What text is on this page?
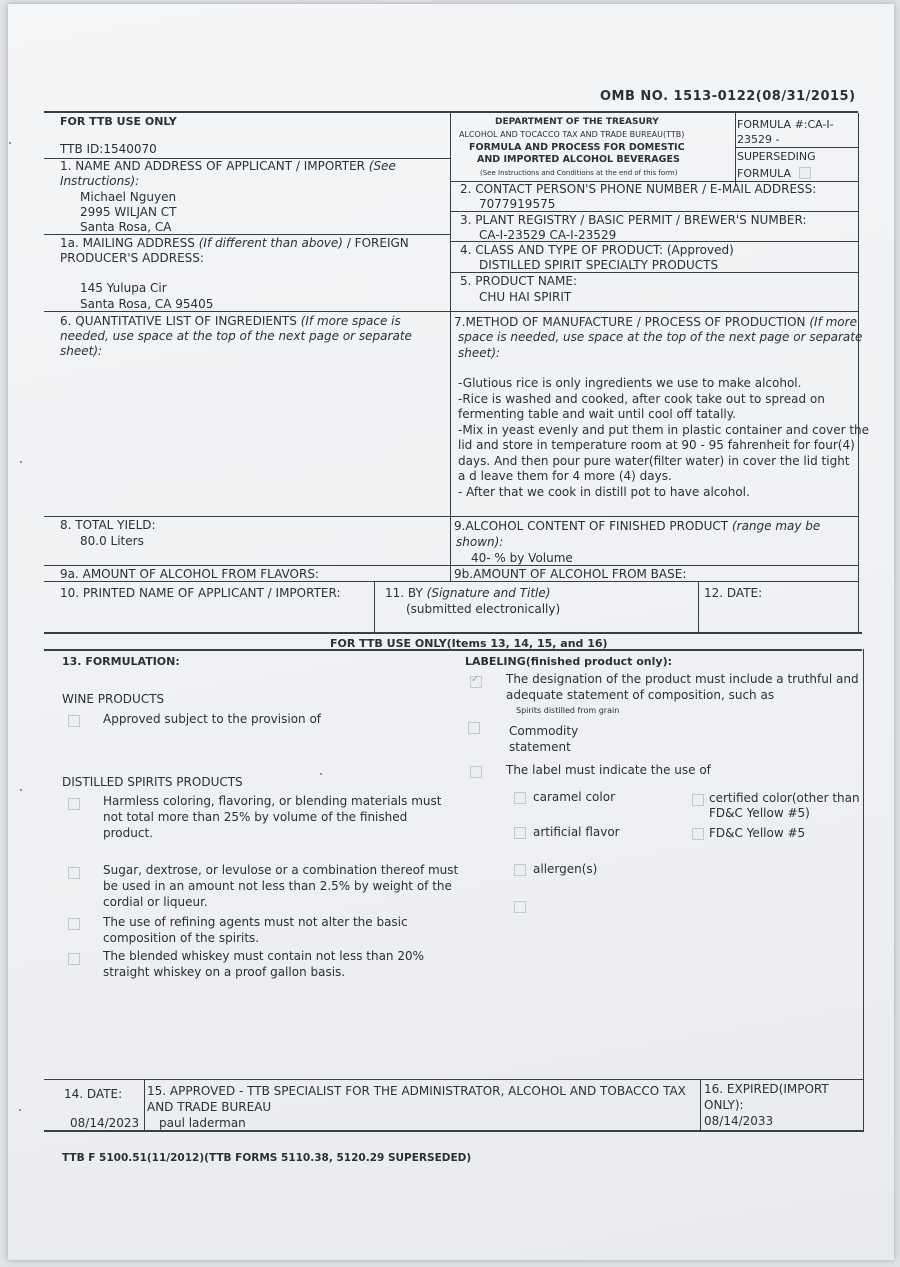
OMB NO. 1513-0122(08/31/2015)
FOR TTB USE ONLY
TTB ID:1540070
1. NAME AND ADDRESS OF APPLICANT / IMPORTER (See
Instructions):
Michael Nguyen
2995 WILJAN CT
Santa Rosa, CA
1a. MAILING ADDRESS (If different than above) / FOREIGN
PRODUCER'S ADDRESS:
145 Yulupa Cir
Santa Rosa, CA 95405
DEPARTMENT OF THE TREASURY
ALCOHOL AND TOCACCO TAX AND TRADE BUREAU(TTB)
FORMULA AND PROCESS FOR DOMESTIC
AND IMPORTED ALCOHOL BEVERAGES
(See Instructions and Conditions at the end of this form)
FORMULA #:CA-I-
23529 -
SUPERSEDING
FORMULA
2. CONTACT PERSON'S PHONE NUMBER / E-MAIL ADDRESS:
7077919575
3. PLANT REGISTRY / BASIC PERMIT / BREWER'S NUMBER:
CA-I-23529 CA-I-23529
4. CLASS AND TYPE OF PRODUCT: (Approved)
DISTILLED SPIRIT SPECIALTY PRODUCTS
5. PRODUCT NAME:
CHU HAI SPIRIT
6. QUANTITATIVE LIST OF INGREDIENTS (If more space is
needed, use space at the top of the next page or separate
sheet):
7.METHOD OF MANUFACTURE / PROCESS OF PRODUCTION (If more
space is needed, use space at the top of the next page or separate
sheet):
-Glutious rice is only ingredients we use to make alcohol.
-Rice is washed and cooked, after cook take out to spread on
fermenting table and wait until cool off tatally.
-Mix in yeast evenly and put them in plastic container and cover the
lid and store in temperature room at 90 - 95 fahrenheit for four(4)
days. And then pour pure water(filter water) in cover the lid tight
a d leave them for 4 more (4) days.
- After that we cook in distill pot to have alcohol.
8. TOTAL YIELD:
80.0 Liters
9.ALCOHOL CONTENT OF FINISHED PRODUCT (range may be
shown):
40- % by Volume
9a. AMOUNT OF ALCOHOL FROM FLAVORS:	9b.AMOUNT OF ALCOHOL FROM BASE:
10. PRINTED NAME OF APPLICANT / IMPORTER:	11. BY (Signature and Title)
(submitted electronically)
12. DATE:
FOR TTB USE ONLY(Items 13, 14, 15, and 16)
13. FORMULATION:
WINE PRODUCTS
Approved subject to the provision of
DISTILLED SPIRITS PRODUCTS
Harmless coloring, flavoring, or blending materials must
not total more than 25% by volume of the finished
product.
Sugar, dextrose, or levulose or a combination thereof must
be used in an amount not less than 2.5% by weight of the
cordial or liqueur.
The use of refining agents must not alter the basic
composition of the spirits.
The blended whiskey must contain not less than 20%
straight whiskey on a proof gallon basis.
LABELING(finished product only):
✓
The designation of the product must include a truthful and
adequate statement of composition, such as
Spirits distilled from grain
Commodity
statement
The label must indicate the use of
caramel color	certified color(other than
FD&C Yellow #5)
artificial flavor	FD&C Yellow #5
allergen(s)
14. DATE:
08/14/2023
15. APPROVED - TTB SPECIALIST FOR THE ADMINISTRATOR, ALCOHOL AND TOBACCO TAX
AND TRADE BUREAU
paul laderman
16. EXPIRED(IMPORT
ONLY):
08/14/2033
TTB F 5100.51(11/2012)(TTB FORMS 5110.38, 5120.29 SUPERSEDED)
